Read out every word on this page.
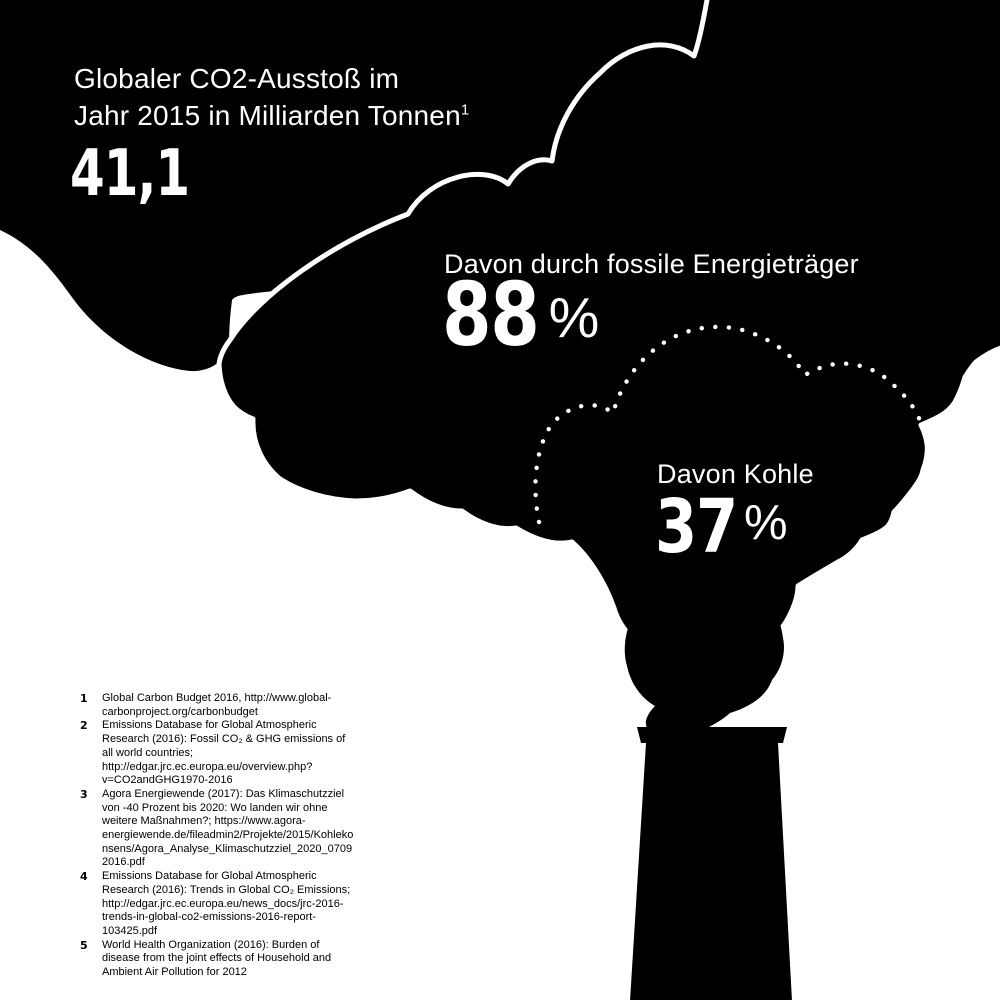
Globaler CO2-Ausstoß im
Jahr 2015 in Milliarden Tonnen$^1$
41,1
Davon durch fossile Energieträger
88 %
Davon Kohle
37 %
1	Global Carbon Budget 2016, http://www.global-carbonproject.org/carbonbudget
2	Emissions Database for Global Atmospheric Research (2016): Fossil CO₂ & GHG emissions of all world countries; http://edgar.jrc.ec.europa.eu/overview.php?v=CO2andGHG1970-2016
3	Agora Energiewende (2017): Das Klimaschutzziel von -40 Prozent bis 2020: Wo landen wir ohne weitere Maßnahmen?; https://www.agora-energiewende.de/fileadmin2/Projekte/2015/Kohlekonsens/Agora_Analyse_Klimaschutzziel_2020_07092016.pdf
4	Emissions Database for Global Atmospheric Research (2016): Trends in Global CO₂ Emissions; http://edgar.jrc.ec.europa.eu/news_docs/jrc-2016-trends-in-global-co2-emissions-2016-report-103425.pdf
5	World Health Organization (2016): Burden of disease from the joint effects of Household and Ambient Air Pollution for 2012
